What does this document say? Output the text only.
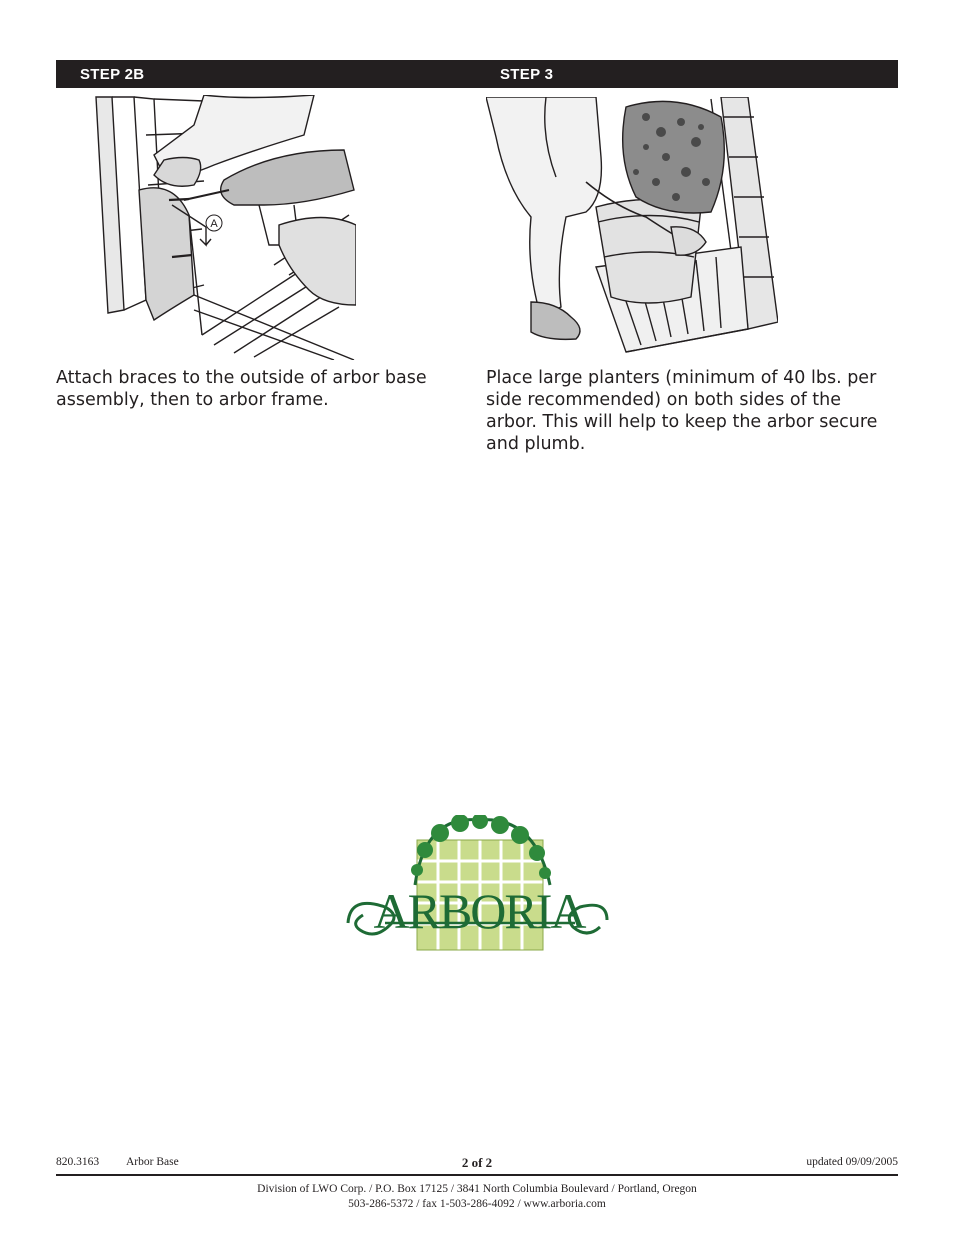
STEP 2B	STEP 3
A
Attach braces to the outside of arbor base assembly, then to arbor frame.
Place large planters (minimum of 40 lbs. per side recommended) on both sides of the arbor. This will help to keep the arbor secure and plumb.
ARBORIA
820.3163 Arbor Base	2 of 2	updated 09/09/2005
Division of LWO Corp. / P.O. Box 17125 / 3841 North Columbia Boulevard / Portland, Oregon
503-286-5372 / fax 1-503-286-4092 / www.arboria.com
